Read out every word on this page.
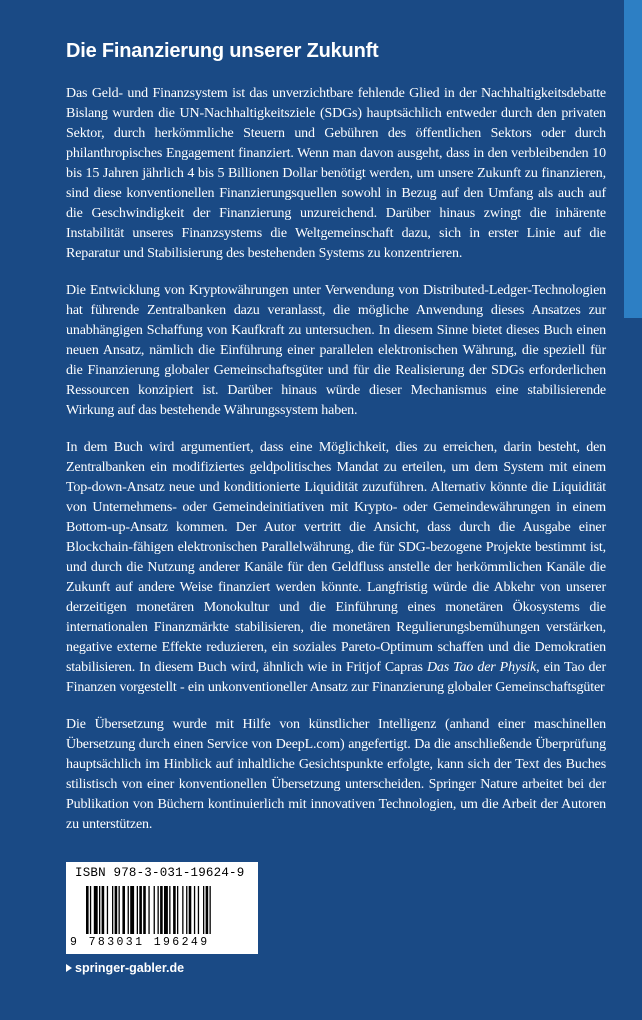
Die Finanzierung unserer Zukunft

Das Geld- und Finanzsystem ist das unverzichtbare fehlende Glied in der Nachhaltigkeitsdebatte Bislang wurden die UN-Nachhaltigkeitsziele (SDGs) hauptsächlich entweder durch den privaten Sektor, durch herkömmliche Steuern und Gebühren des öffentlichen Sektors oder durch philanthropisches Engagement finanziert. Wenn man davon ausgeht, dass in den verbleibenden 10 bis 15 Jahren jährlich 4 bis 5 Billionen Dollar benötigt werden, um unsere Zukunft zu finanzieren, sind diese konventionellen Finanzierungsquellen sowohl in Bezug auf den Umfang als auch auf die Geschwindigkeit der Finanzierung unzureichend. Darüber hinaus zwingt die inhärente Instabilität unseres Finanzsystems die Weltgemeinschaft dazu, sich in erster Linie auf die Reparatur und Stabilisierung des bestehenden Systems zu konzentrieren.

Die Entwicklung von Kryptowährungen unter Verwendung von Distributed-Ledger-Technologien hat führende Zentralbanken dazu veranlasst, die mögliche Anwendung dieses Ansatzes zur unabhängigen Schaffung von Kaufkraft zu untersuchen. In diesem Sinne bietet dieses Buch einen neuen Ansatz, nämlich die Einführung einer parallelen elektronischen Währung, die speziell für die Finanzierung globaler Gemeinschaftsgüter und für die Realisierung der SDGs erforderlichen Ressourcen konzipiert ist. Darüber hinaus würde dieser Mechanismus eine stabilisierende Wirkung auf das bestehende Währungssystem haben.

In dem Buch wird argumentiert, dass eine Möglichkeit, dies zu erreichen, darin besteht, den Zentralbanken ein modifiziertes geldpolitisches Mandat zu erteilen, um dem System mit einem Top-down-Ansatz neue und konditionierte Liquidität zuzuführen. Alternativ könnte die Liquidität von Unternehmens- oder Gemeindeinitiativen mit Krypto- oder Gemeindewährungen in einem Bottom-up-Ansatz kommen. Der Autor vertritt die Ansicht, dass durch die Ausgabe einer Blockchain-fähigen elektronischen Parallelwährung, die für SDG-bezogene Projekte bestimmt ist, und durch die Nutzung anderer Kanäle für den Geldfluss anstelle der herkömmlichen Kanäle die Zukunft auf andere Weise finanziert werden könnte. Langfristig würde die Abkehr von unserer derzeitigen monetären Monokultur und die Einführung eines monetären Ökosystems die internationalen Finanzmärkte stabilisieren, die monetären Regulierungsbemühungen verstärken, negative externe Effekte reduzieren, ein soziales Pareto-Optimum schaffen und die Demokratien stabilisieren. In diesem Buch wird, ähnlich wie in Fritjof Capras Das Tao der Physik, ein Tao der Finanzen vorgestellt - ein unkonventioneller Ansatz zur Finanzierung globaler Gemeinschaftsgüter

Die Übersetzung wurde mit Hilfe von künstlicher Intelligenz (anhand einer maschinellen Übersetzung durch einen Service von DeepL.com) angefertigt. Da die anschließende Überprüfung hauptsächlich im Hinblick auf inhaltliche Gesichtspunkte erfolgte, kann sich der Text des Buches stilistisch von einer konventionellen Übersetzung unterscheiden. Springer Nature arbeitet bei der Publikation von Büchern kontinuierlich mit innovativen Technologien, um die Arbeit der Autoren zu unterstützen.

ISBN 978-3-031-19624-9
9 783031 196249
springer-gabler.de
